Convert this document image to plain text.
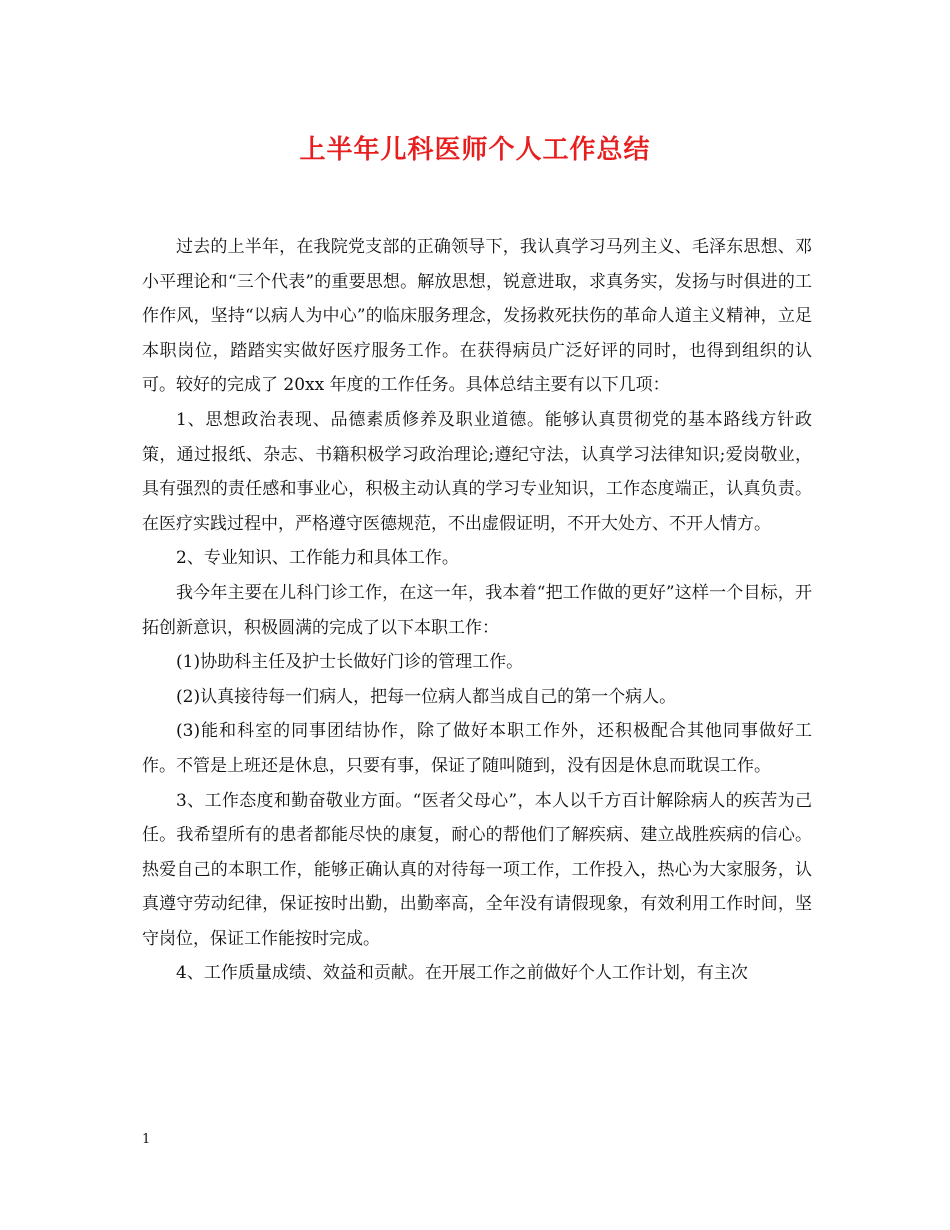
上半年儿科医师个人工作总结

过去的上半年，在我院党支部的正确领导下，我认真学习马列主义、毛泽东思想、邓小平理论和“三个代表”的重要思想。解放思想，锐意进取，求真务实，发扬与时俱进的工作作风，坚持“以病人为中心”的临床服务理念，发扬救死扶伤的革命人道主义精神，立足本职岗位，踏踏实实做好医疗服务工作。在获得病员广泛好评的同时，也得到组织的认可。较好的完成了 20xx 年度的工作任务。具体总结主要有以下几项：

1、思想政治表现、品德素质修养及职业道德。能够认真贯彻党的基本路线方针政策，通过报纸、杂志、书籍积极学习政治理论;遵纪守法，认真学习法律知识;爱岗敬业，具有强烈的责任感和事业心，积极主动认真的学习专业知识，工作态度端正，认真负责。在医疗实践过程中，严格遵守医德规范，不出虚假证明，不开大处方、不开人情方。

2、专业知识、工作能力和具体工作。

我今年主要在儿科门诊工作，在这一年，我本着“把工作做的更好”这样一个目标，开拓创新意识，积极圆满的完成了以下本职工作：

(1)协助科主任及护士长做好门诊的管理工作。

(2)认真接待每一们病人，把每一位病人都当成自己的第一个病人。

(3)能和科室的同事团结协作，除了做好本职工作外，还积极配合其他同事做好工作。不管是上班还是休息，只要有事，保证了随叫随到，没有因是休息而耽误工作。

3、工作态度和勤奋敬业方面。“医者父母心”，本人以千方百计解除病人的疾苦为己任。我希望所有的患者都能尽快的康复，耐心的帮他们了解疾病、建立战胜疾病的信心。热爱自己的本职工作，能够正确认真的对待每一项工作，工作投入，热心为大家服务，认真遵守劳动纪律，保证按时出勤，出勤率高，全年没有请假现象，有效利用工作时间，坚守岗位，保证工作能按时完成。

4、工作质量成绩、效益和贡献。在开展工作之前做好个人工作计划，有主次

1
